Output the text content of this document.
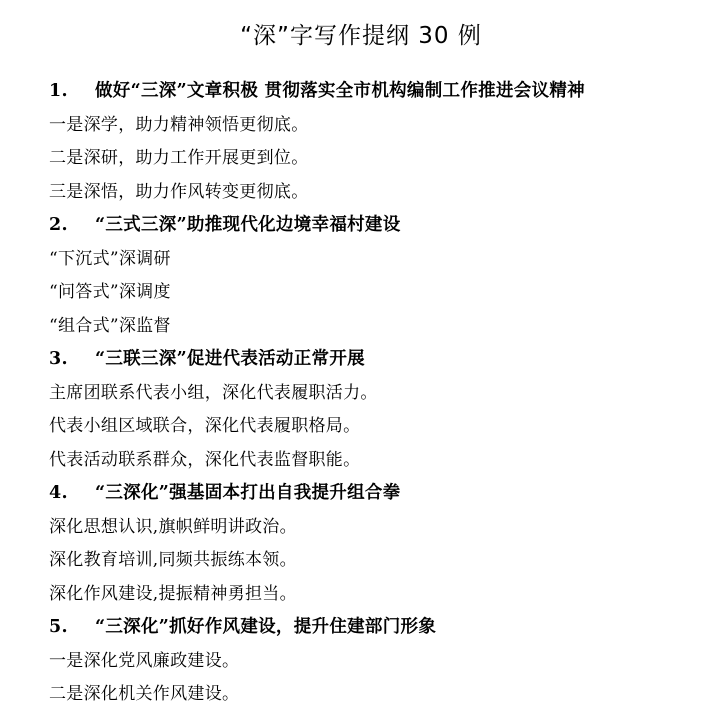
“深”字写作提纲 30 例
1. 做好“三深”文章积极 贯彻落实全市机构编制工作推进会议精神
一是深学，助力精神领悟更彻底。
二是深研，助力工作开展更到位。
三是深悟，助力作风转变更彻底。
2. “三式三深”助推现代化边境幸福村建设
“下沉式”深调研
“问答式”深调度
“组合式”深监督
3. “三联三深”促进代表活动正常开展
主席团联系代表小组，深化代表履职活力。
代表小组区域联合，深化代表履职格局。
代表活动联系群众，深化代表监督职能。
4. “三深化”强基固本打出自我提升组合拳
深化思想认识,旗帜鲜明讲政治。
深化教育培训,同频共振练本领。
深化作风建设,提振精神勇担当。
5. “三深化”抓好作风建设，提升住建部门形象
一是深化党风廉政建设。
二是深化机关作风建设。
